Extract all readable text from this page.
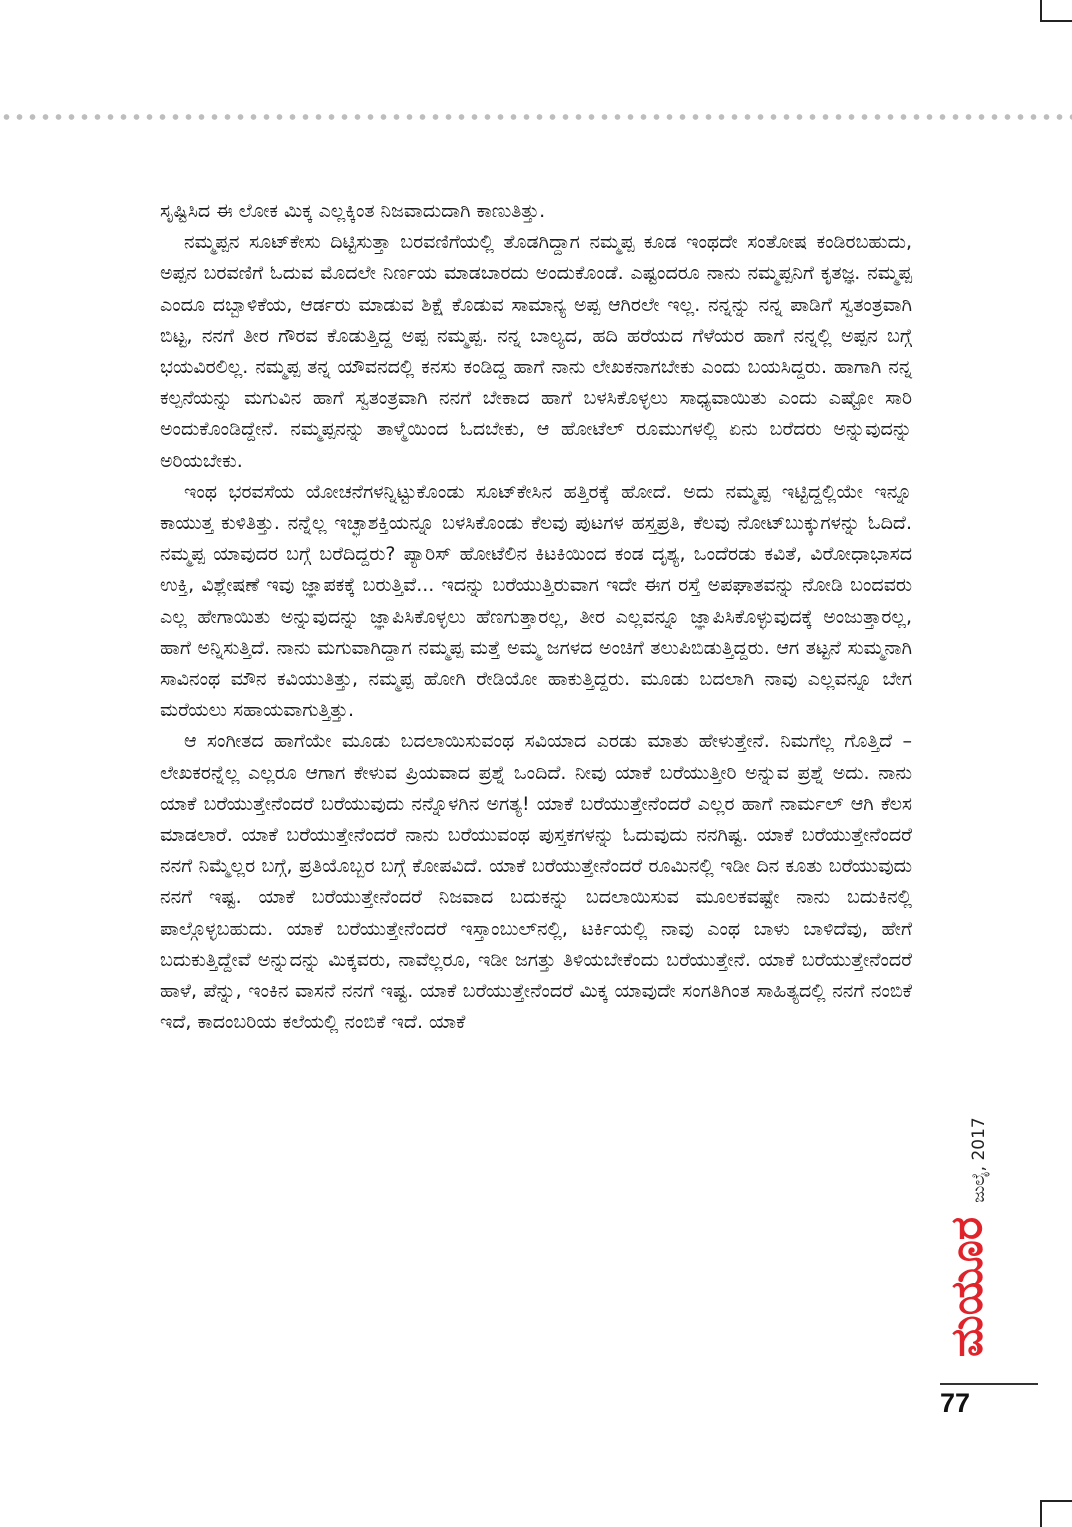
ಸೃಷ್ಟಿಸಿದ ಈ ಲೋಕ ಮಿಕ್ಕ ಎಲ್ಲಕ್ಕಿಂತ ನಿಜವಾದುದಾಗಿ ಕಾಣುತಿತ್ತು.

ನಮ್ಮಪ್ಪನ ಸೂಟ್‌ಕೇಸು ದಿಟ್ಟಿಸುತ್ತಾ ಬರವಣಿಗೆಯಲ್ಲಿ ತೊಡಗಿದ್ದಾಗ ನಮ್ಮಪ್ಪ ಕೂಡ ಇಂಥದೇ ಸಂತೋಷ ಕಂಡಿರಬಹುದು, ಅಪ್ಪನ ಬರವಣಿಗೆ ಓದುವ ಮೊದಲೇ ನಿರ್ಣಯ ಮಾಡಬಾರದು ಅಂದುಕೊಂಡೆ. ಎಷ್ಟಂದರೂ ನಾನು ನಮ್ಮಪ್ಪನಿಗೆ ಕೃತಜ್ಞ. ನಮ್ಮಪ್ಪ ಎಂದೂ ದಬ್ಬಾಳಿಕೆಯ, ಆರ್ಡರು ಮಾಡುವ ಶಿಕ್ಷೆ ಕೊಡುವ ಸಾಮಾನ್ಯ ಅಪ್ಪ ಆಗಿರಲೇ ಇಲ್ಲ. ನನ್ನನ್ನು ನನ್ನ ಪಾಡಿಗೆ ಸ್ವತಂತ್ರವಾಗಿ ಬಿಟ್ಟ, ನನಗೆ ತೀರ ಗೌರವ ಕೊಡುತ್ತಿದ್ದ ಅಪ್ಪ ನಮ್ಮಪ್ಪ. ನನ್ನ ಬಾಲ್ಯದ, ಹದಿ ಹರೆಯದ ಗೆಳೆಯರ ಹಾಗೆ ನನ್ನಲ್ಲಿ ಅಪ್ಪನ ಬಗ್ಗೆ ಭಯವಿರಲಿಲ್ಲ. ನಮ್ಮಪ್ಪ ತನ್ನ ಯೌವನದಲ್ಲಿ ಕನಸು ಕಂಡಿದ್ದ ಹಾಗೆ ನಾನು ಲೇಖಕನಾಗಬೇಕು ಎಂದು ಬಯಸಿದ್ದರು. ಹಾಗಾಗಿ ನನ್ನ ಕಲ್ಪನೆಯನ್ನು ಮಗುವಿನ ಹಾಗೆ ಸ್ವತಂತ್ರವಾಗಿ ನನಗೆ ಬೇಕಾದ ಹಾಗೆ ಬಳಸಿಕೊಳ್ಳಲು ಸಾಧ್ಯವಾಯಿತು ಎಂದು ಎಷ್ಟೋ ಸಾರಿ ಅಂದುಕೊಂಡಿದ್ದೇನೆ. ನಮ್ಮಪ್ಪನನ್ನು ತಾಳ್ಮೆಯಿಂದ ಓದಬೇಕು, ಆ ಹೋಟೆಲ್ ರೂಮುಗಳಲ್ಲಿ ಏನು ಬರೆದರು ಅನ್ನುವುದನ್ನು ಅರಿಯಬೇಕು.

ಇಂಥ ಭರವಸೆಯ ಯೋಚನೆಗಳನ್ನಿಟ್ಟುಕೊಂಡು ಸೂಟ್‌ಕೇಸಿನ ಹತ್ತಿರಕ್ಕೆ ಹೋದೆ. ಅದು ನಮ್ಮಪ್ಪ ಇಟ್ಟಿದ್ದಲ್ಲಿಯೇ ಇನ್ನೂ ಕಾಯುತ್ತ ಕುಳಿತಿತ್ತು. ನನ್ನೆಲ್ಲ ಇಚ್ಛಾಶಕ್ತಿಯನ್ನೂ ಬಳಸಿಕೊಂಡು ಕೆಲವು ಪುಟಗಳ ಹಸ್ತಪ್ರತಿ, ಕೆಲವು ನೋಟ್‌ಬುಕ್ಕುಗಳನ್ನು ಓದಿದೆ. ನಮ್ಮಪ್ಪ ಯಾವುದರ ಬಗ್ಗೆ ಬರೆದಿದ್ದರು? ಪ್ಯಾರಿಸ್ ಹೋಟೆಲಿನ ಕಿಟಕಿಯಿಂದ ಕಂಡ ದೃಶ್ಯ, ಒಂದೆರಡು ಕವಿತೆ, ವಿರೋಧಾಭಾಸದ ಉಕ್ತಿ, ವಿಶ್ಲೇಷಣೆ ಇವು ಜ್ಞಾಪಕಕ್ಕೆ ಬರುತ್ತಿವೆ... ಇದನ್ನು ಬರೆಯುತ್ತಿರುವಾಗ ಇದೇ ಈಗ ರಸ್ತೆ ಅಪಘಾತವನ್ನು ನೋಡಿ ಬಂದವರು ಎಲ್ಲ ಹೇಗಾಯಿತು ಅನ್ನುವುದನ್ನು ಜ್ಞಾಪಿಸಿಕೊಳ್ಳಲು ಹೆಣಗುತ್ತಾರಲ್ಲ, ತೀರ ಎಲ್ಲವನ್ನೂ ಜ್ಞಾಪಿಸಿಕೊಳ್ಳುವುದಕ್ಕೆ ಅಂಜುತ್ತಾರಲ್ಲ, ಹಾಗೆ ಅನ್ನಿಸುತ್ತಿದೆ. ನಾನು ಮಗುವಾಗಿದ್ದಾಗ ನಮ್ಮಪ್ಪ ಮತ್ತೆ ಅಮ್ಮ ಜಗಳದ ಅಂಚಿಗೆ ತಲುಪಿಬಿಡುತ್ತಿದ್ದರು. ಆಗ ತಟ್ಟನೆ ಸುಮ್ಮನಾಗಿ ಸಾವಿನಂಥ ಮೌನ ಕವಿಯುತಿತ್ತು, ನಮ್ಮಪ್ಪ ಹೋಗಿ ರೇಡಿಯೋ ಹಾಕುತ್ತಿದ್ದರು. ಮೂಡು ಬದಲಾಗಿ ನಾವು ಎಲ್ಲವನ್ನೂ ಬೇಗ ಮರೆಯಲು ಸಹಾಯವಾಗುತ್ತಿತ್ತು.

ಆ ಸಂಗೀತದ ಹಾಗೆಯೇ ಮೂಡು ಬದಲಾಯಿಸುವಂಥ ಸವಿಯಾದ ಎರಡು ಮಾತು ಹೇಳುತ್ತೇನೆ. ನಿಮಗೆಲ್ಲ ಗೊತ್ತಿದೆ – ಲೇಖಕರನ್ನೆಲ್ಲ ಎಲ್ಲರೂ ಆಗಾಗ ಕೇಳುವ ಪ್ರಿಯವಾದ ಪ್ರಶ್ನೆ ಒಂದಿದೆ. ನೀವು ಯಾಕೆ ಬರೆಯುತ್ತೀರಿ ಅನ್ನುವ ಪ್ರಶ್ನೆ ಅದು. ನಾನು ಯಾಕೆ ಬರೆಯುತ್ತೇನೆಂದರೆ ಬರೆಯುವುದು ನನ್ನೊಳಗಿನ ಅಗತ್ಯ! ಯಾಕೆ ಬರೆಯುತ್ತೇನೆಂದರೆ ಎಲ್ಲರ ಹಾಗೆ ನಾರ್ಮಲ್ ಆಗಿ ಕೆಲಸ ಮಾಡಲಾರೆ. ಯಾಕೆ ಬರೆಯುತ್ತೇನೆಂದರೆ ನಾನು ಬರೆಯುವಂಥ ಪುಸ್ತಕಗಳನ್ನು ಓದುವುದು ನನಗಿಷ್ಟ. ಯಾಕೆ ಬರೆಯುತ್ತೇನೆಂದರೆ ನನಗೆ ನಿಮ್ಮೆಲ್ಲರ ಬಗ್ಗೆ, ಪ್ರತಿಯೊಬ್ಬರ ಬಗ್ಗೆ ಕೋಪವಿದೆ. ಯಾಕೆ ಬರೆಯುತ್ತೇನೆಂದರೆ ರೂಮಿನಲ್ಲಿ ಇಡೀ ದಿನ ಕೂತು ಬರೆಯುವುದು ನನಗೆ ಇಷ್ಟ. ಯಾಕೆ ಬರೆಯುತ್ತೇನೆಂದರೆ ನಿಜವಾದ ಬದುಕನ್ನು ಬದಲಾಯಿಸುವ ಮೂಲಕವಷ್ಟೇ ನಾನು ಬದುಕಿನಲ್ಲಿ ಪಾಲ್ಗೊಳ್ಳಬಹುದು. ಯಾಕೆ ಬರೆಯುತ್ತೇನೆಂದರೆ ಇಸ್ತಾಂಬುಲ್‌ನಲ್ಲಿ, ಟರ್ಕಿಯಲ್ಲಿ ನಾವು ಎಂಥ ಬಾಳು ಬಾಳಿದೆವು, ಹೇಗೆ ಬದುಕುತ್ತಿದ್ದೇವೆ ಅನ್ನುದನ್ನು ಮಿಕ್ಕವರು, ನಾವೆಲ್ಲರೂ, ಇಡೀ ಜಗತ್ತು ತಿಳಿಯಬೇಕೆಂದು ಬರೆಯುತ್ತೇನೆ. ಯಾಕೆ ಬರೆಯುತ್ತೇನೆಂದರೆ ಹಾಳೆ, ಪೆನ್ನು, ಇಂಕಿನ ವಾಸನೆ ನನಗೆ ಇಷ್ಟ. ಯಾಕೆ ಬರೆಯುತ್ತೇನೆಂದರೆ ಮಿಕ್ಕ ಯಾವುದೇ ಸಂಗತಿಗಿಂತ ಸಾಹಿತ್ಯದಲ್ಲಿ ನನಗೆ ನಂಬಿಕೆ ಇದೆ, ಕಾದಂಬರಿಯ ಕಲೆಯಲ್ಲಿ ನಂಬಿಕೆ ಇದೆ. ಯಾಕೆ

ಜುಲೈ, 2017
ಮಯೂರ
77
